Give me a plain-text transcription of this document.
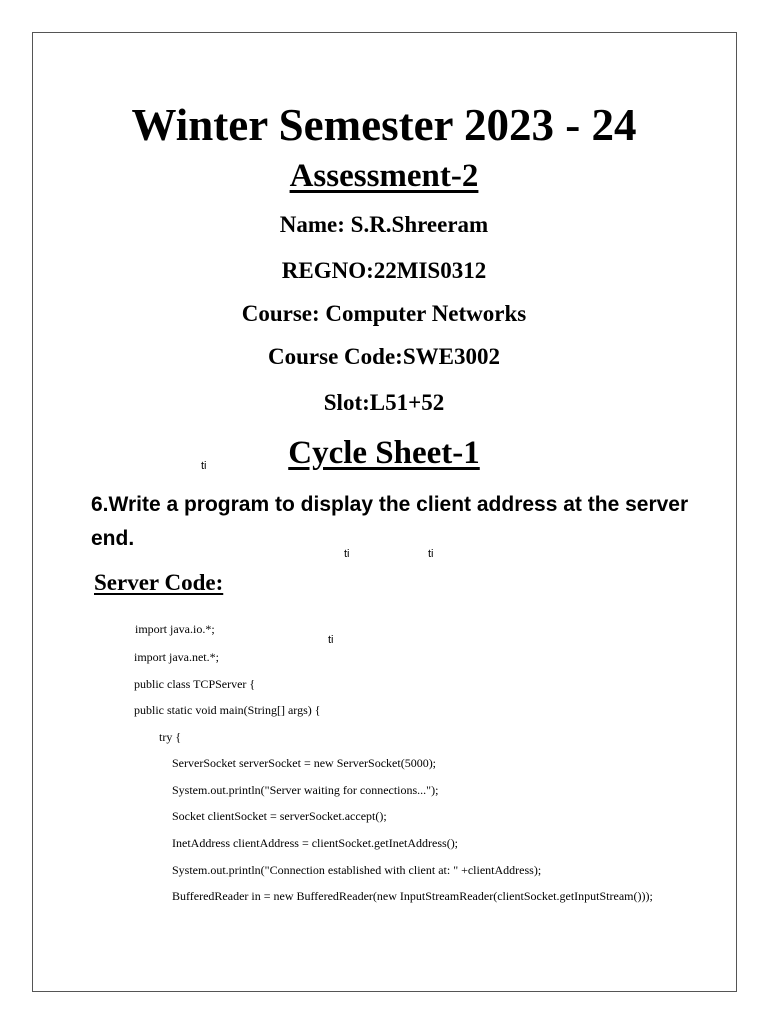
Winter Semester 2023 - 24
Assessment-2
Name: S.R.Shreeram
REGNO:22MIS0312
Course: Computer Networks
Course Code:SWE3002
Slot:L51+52
Cycle Sheet-1
ti
6.Write a program to display the client address at the server end.
ti	ti
Server Code:
ti
import java.io.*;
import java.net.*;
public class TCPServer {
public static void main(String[] args) {
try {
ServerSocket serverSocket = new ServerSocket(5000);
System.out.println("Server waiting for connections...");
Socket clientSocket = serverSocket.accept();
InetAddress clientAddress = clientSocket.getInetAddress();
System.out.println("Connection established with client at: " +clientAddress);
BufferedReader in = new BufferedReader(new InputStreamReader(clientSocket.getInputStream()));
